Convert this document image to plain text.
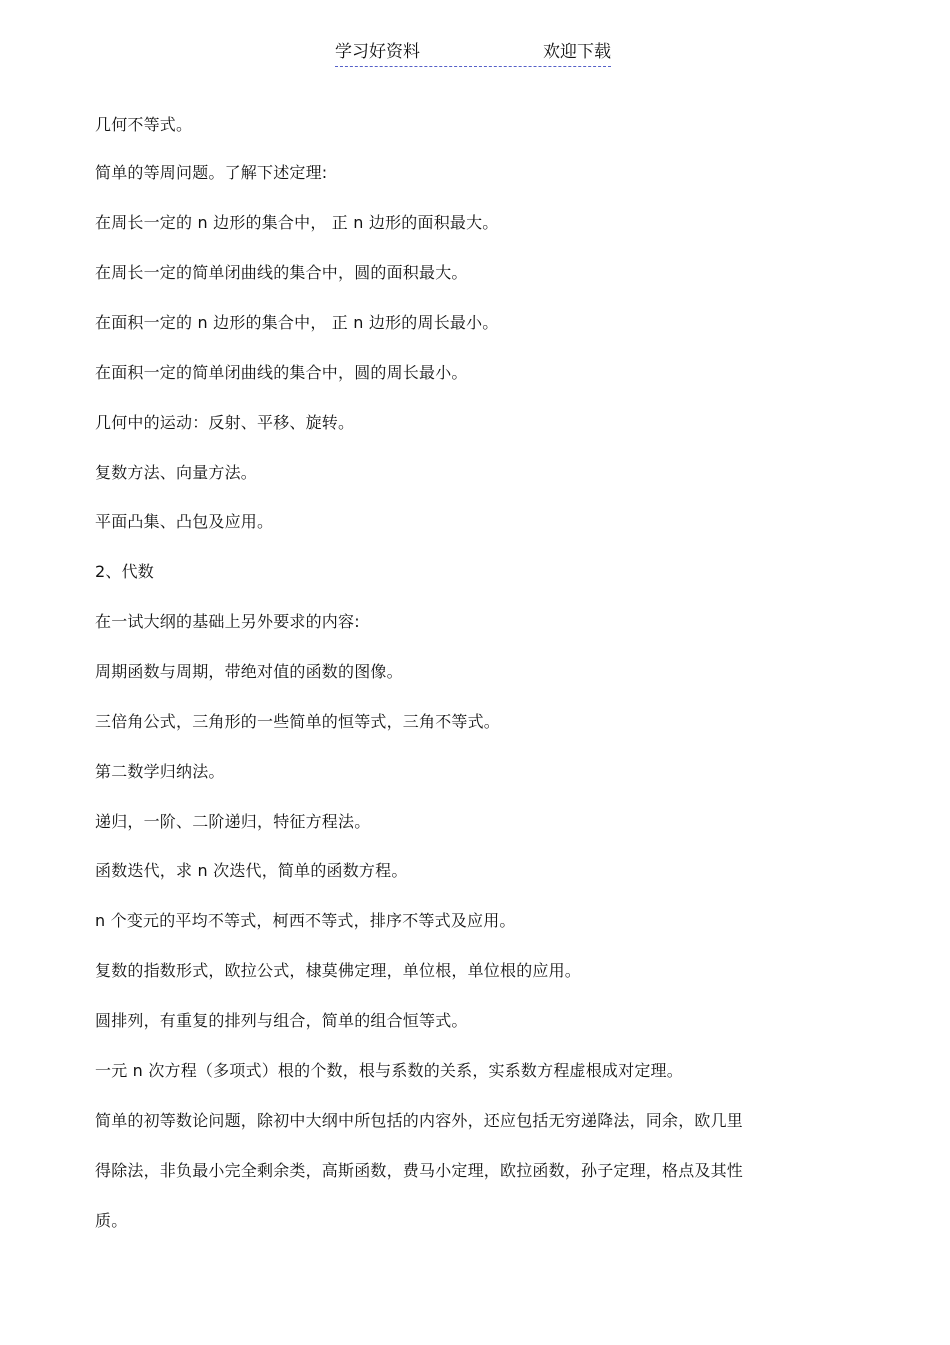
学习好资料	欢迎下载
几何不等式。
简单的等周问题。了解下述定理:
在周长一定的 n 边形的集合中， 正 n 边形的面积最大。
在周长一定的简单闭曲线的集合中，圆的面积最大。
在面积一定的 n 边形的集合中， 正 n 边形的周长最小。
在面积一定的简单闭曲线的集合中，圆的周长最小。
几何中的运动：反射、平移、旋转。
复数方法、向量方法。
平面凸集、凸包及应用。
2、代数
在一试大纲的基础上另外要求的内容:
周期函数与周期，带绝对值的函数的图像。
三倍角公式，三角形的一些简单的恒等式，三角不等式。
第二数学归纳法。
递归，一阶、二阶递归，特征方程法。
函数迭代，求 n 次迭代，简单的函数方程。
n 个变元的平均不等式，柯西不等式，排序不等式及应用。
复数的指数形式，欧拉公式，棣莫佛定理，单位根，单位根的应用。
圆排列，有重复的排列与组合，简单的组合恒等式。
一元 n 次方程（多项式）根的个数，根与系数的关系，实系数方程虚根成对定理。
简单的初等数论问题，除初中大纲中所包括的内容外，还应包括无穷递降法，同余，欧几里
得除法，非负最小完全剩余类，高斯函数，费马小定理，欧拉函数，孙子定理，格点及其性
质。
